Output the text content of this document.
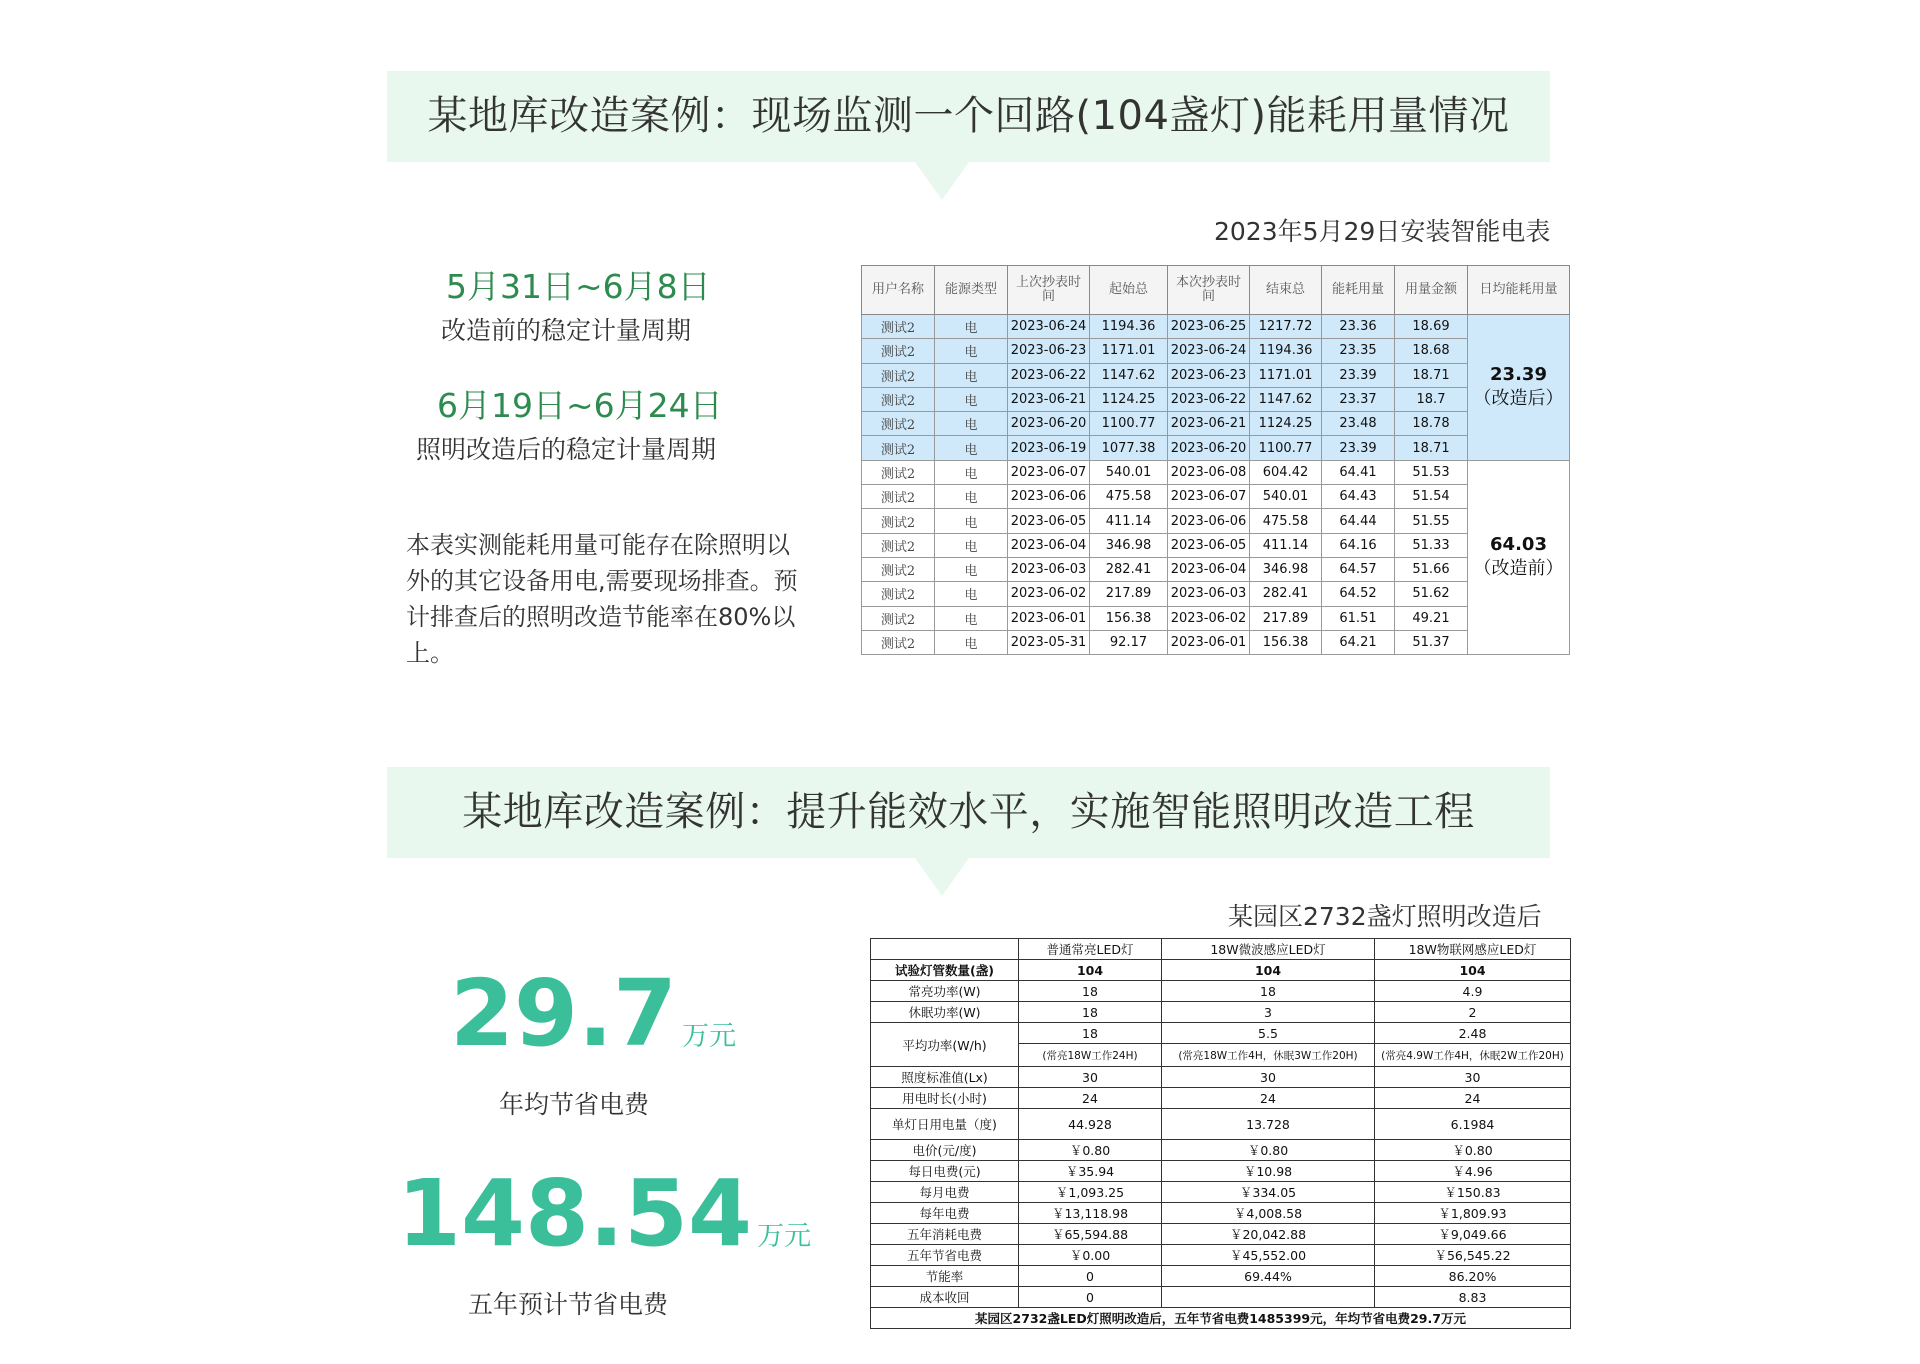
某地库改造案例：现场监测一个回路(104盏灯)能耗用量情况

2023年5月29日安装智能电表

5月31日~6月8日

改造前的稳定计量周期

6月19日~6月24日

照明改造后的稳定计量周期

本表实测能耗用量可能存在除照明以外的其它设备用电,需要现场排查。预计排查后的照明改造节能率在80%以上。

用户名称	能源类型	上次抄表时间	起始总	本次抄表时间	结束总	能耗用量	用量金额	日均能耗用量
测试2	电	2023-06-24	1194.36	2023-06-25	1217.72	23.36	18.69	23.39
（改造后）

测试2	电	2023-06-23	1171.01	2023-06-24	1194.36	23.35	18.68	
测试2	电	2023-06-22	1147.62	2023-06-23	1171.01	23.39	18.71	
测试2	电	2023-06-21	1124.25	2023-06-22	1147.62	23.37	18.7	
测试2	电	2023-06-20	1100.77	2023-06-21	1124.25	23.48	18.78	
测试2	电	2023-06-19	1077.38	2023-06-20	1100.77	23.39	18.71	
测试2	电	2023-06-07	540.01	2023-06-08	604.42	64.41	51.53	64.03
（改造前）

测试2	电	2023-06-06	475.58	2023-06-07	540.01	64.43	51.54	
测试2	电	2023-06-05	411.14	2023-06-06	475.58	64.44	51.55	
测试2	电	2023-06-04	346.98	2023-06-05	411.14	64.16	51.33	
测试2	电	2023-06-03	282.41	2023-06-04	346.98	64.57	51.66	
测试2	电	2023-06-02	217.89	2023-06-03	282.41	64.52	51.62	
测试2	电	2023-06-01	156.38	2023-06-02	217.89	61.51	49.21	
测试2	电	2023-05-31	92.17	2023-06-01	156.38	64.21	51.37	
某地库改造案例：提升能效水平，实施智能照明改造工程

某园区2732盏灯照明改造后

29.7 万元

年均节省电费

148.54 万元

五年预计节省电费

	普通常亮LED灯	18W微波感应LED灯	18W物联网感应LED灯
试验灯管数量(盏)	104	104	104
常亮功率(W)	18	18	4.9
休眠功率(W)	18	3	2
平均功率(W/h)	18	5.5	2.48
	(常亮18W工作24H)	(常亮18W工作4H，休眠3W工作20H)	(常亮4.9W工作4H，休眠2W工作20H)
照度标准值(Lx)	30	30	30
用电时长(小时)	24	24	24
单灯日用电量（度)	44.928	13.728	6.1984
电价(元/度)	￥0.80	￥0.80	￥0.80
每日电费(元)	￥35.94	￥10.98	￥4.96
每月电费	￥1,093.25	￥334.05	￥150.83
每年电费	￥13,118.98	￥4,008.58	￥1,809.93
五年消耗电费	￥65,594.88	￥20,042.88	￥9,049.66
五年节省电费	￥0.00	￥45,552.00	￥56,545.22
节能率	0	69.44%	86.20%
成本收回	0		8.83
某园区2732盏LED灯照明改造后，五年节省电费1485399元，年均节省电费29.7万元			
